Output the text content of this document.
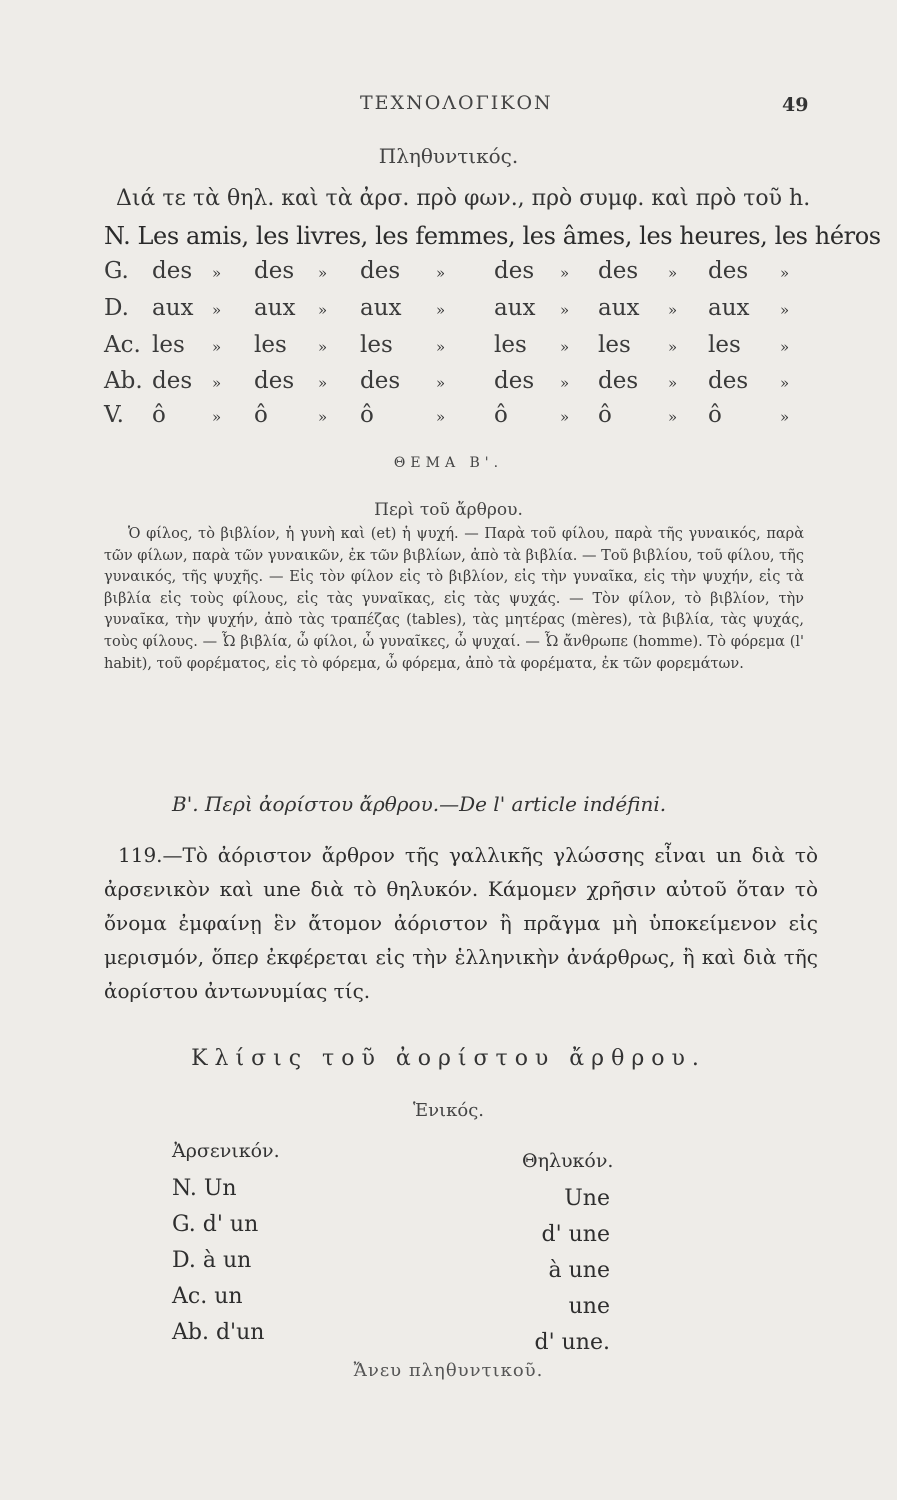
ΤΕΧΝΟΛΟΓΙΚΟΝ	49
Πληθυντικός.
Διά τε τὰ θηλ. καὶ τὰ ἀρσ. πρὸ φων., πρὸ συμφ. καὶ πρὸ τοῦ h.
N. Les amis, les livres, les femmes, les âmes, les heures, les héros
G. des » des » des » des » des » des »
D. aux » aux » aux » aux » aux » aux »
Ac. les » les » les	» les » les » les	»
Ab. des » des » des » des » des » des »
V. ô	» ô	» ô	» ô	» ô	» ô	»
ΘΕΜΑ Β'.
Περὶ τοῦ ἄρθρου.

Ὁ φίλος, τὸ βιβλίον, ἡ γυνὴ καὶ (et) ἡ ψυχή. — Παρὰ τοῦ φίλου, παρὰ τῆς γυναικός, παρὰ τῶν φίλων, παρὰ τῶν γυναικῶν, ἐκ τῶν βιβλίων, ἀπὸ τὰ βιβλία. — Τοῦ βιβλίου, τοῦ φίλου, τῆς γυναικός, τῆς ψυχῆς. — Εἰς τὸν φίλον εἰς τὸ βιβλίον, εἰς τὴν γυναῖκα, εἰς τὴν ψυχήν, εἰς τὰ βιβλία εἰς τοὺς φίλους, εἰς τὰς γυναῖκας, εἰς τὰς ψυχάς. — Τὸν φίλον, τὸ βιβλίον, τὴν γυναῖκα, τὴν ψυχήν, ἀπὸ τὰς τραπέζας (tables), τὰς μητέρας (mères), τὰ βιβλία, τὰς ψυχάς, τοὺς φίλους. — Ὦ βιβλία, ὦ φίλοι, ὦ γυναῖκες, ὦ ψυχαί. — Ὦ ἄνθρωπε (homme). Τὸ φόρεμα (l' habit), τοῦ φορέματος, εἰς τὸ φόρεμα, ὦ φόρεμα, ἀπὸ τὰ φορέματα, ἐκ τῶν φορεμάτων.

Β'. Περὶ ἀορίστου ἄρθρου.—De l' article indéfini.

119.—Τὸ ἀόριστον ἄρθρον τῆς γαλλικῆς γλώσσης εἶναι un διὰ τὸ ἀρσενικὸν καὶ une διὰ τὸ θηλυκόν. Κάμομεν χρῆσιν αὐτοῦ ὅταν τὸ ὄνομα ἐμφαίνῃ ἓν ἄτομον ἀόριστον ἢ πρᾶγμα μὴ ὑποκείμενον εἰς μερισμόν, ὅπερ ἐκφέρεται εἰς τὴν ἑλληνικὴν ἀνάρθρως, ἢ καὶ διὰ τῆς ἀορίστου ἀντωνυμίας τίς.

Κλίσις τοῦ ἀορίστου ἄρθρου.
Ἑνικός.
Ἀρσενικόν.	Θηλυκόν.
N. Un	Une
G. d' un	d' une
D. à un	à une
Ac. un	une
Ab. d'un	d' une.
Ἄνευ πληθυντικοῦ.
